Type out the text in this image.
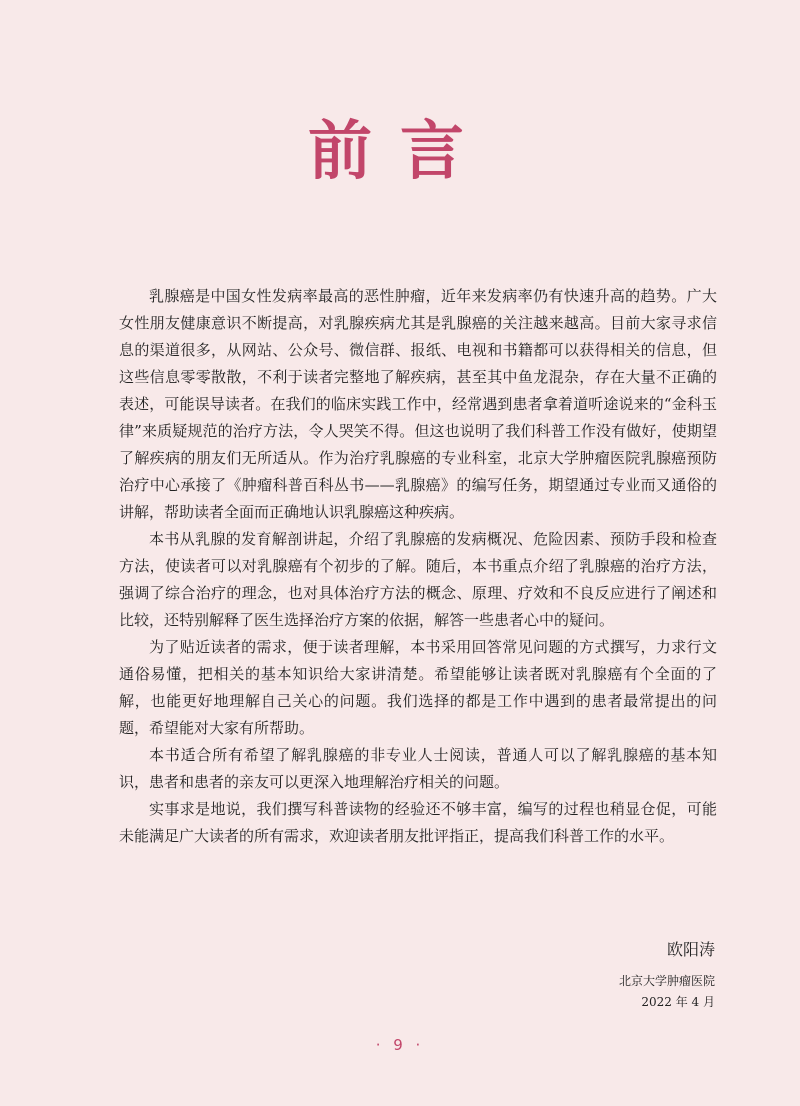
前言

乳腺癌是中国女性发病率最高的恶性肿瘤，近年来发病率仍有快速升高的趋势。广大女性朋友健康意识不断提高，对乳腺疾病尤其是乳腺癌的关注越来越高。目前大家寻求信息的渠道很多，从网站、公众号、微信群、报纸、电视和书籍都可以获得相关的信息，但这些信息零零散散，不利于读者完整地了解疾病，甚至其中鱼龙混杂，存在大量不正确的表述，可能误导读者。在我们的临床实践工作中，经常遇到患者拿着道听途说来的“金科玉律”来质疑规范的治疗方法，令人哭笑不得。但这也说明了我们科普工作没有做好，使期望了解疾病的朋友们无所适从。作为治疗乳腺癌的专业科室，北京大学肿瘤医院乳腺癌预防治疗中心承接了《肿瘤科普百科丛书——乳腺癌》的编写任务，期望通过专业而又通俗的讲解，帮助读者全面而正确地认识乳腺癌这种疾病。

本书从乳腺的发育解剖讲起，介绍了乳腺癌的发病概况、危险因素、预防手段和检查方法，使读者可以对乳腺癌有个初步的了解。随后，本书重点介绍了乳腺癌的治疗方法，强调了综合治疗的理念，也对具体治疗方法的概念、原理、疗效和不良反应进行了阐述和比较，还特别解释了医生选择治疗方案的依据，解答一些患者心中的疑问。

为了贴近读者的需求，便于读者理解，本书采用回答常见问题的方式撰写，力求行文通俗易懂，把相关的基本知识给大家讲清楚。希望能够让读者既对乳腺癌有个全面的了解，也能更好地理解自己关心的问题。我们选择的都是工作中遇到的患者最常提出的问题，希望能对大家有所帮助。

本书适合所有希望了解乳腺癌的非专业人士阅读，普通人可以了解乳腺癌的基本知识，患者和患者的亲友可以更深入地理解治疗相关的问题。

实事求是地说，我们撰写科普读物的经验还不够丰富，编写的过程也稍显仓促，可能未能满足广大读者的所有需求，欢迎读者朋友批评指正，提高我们科普工作的水平。

欧阳涛
北京大学肿瘤医院
2022 年 4 月
· 9 ·
